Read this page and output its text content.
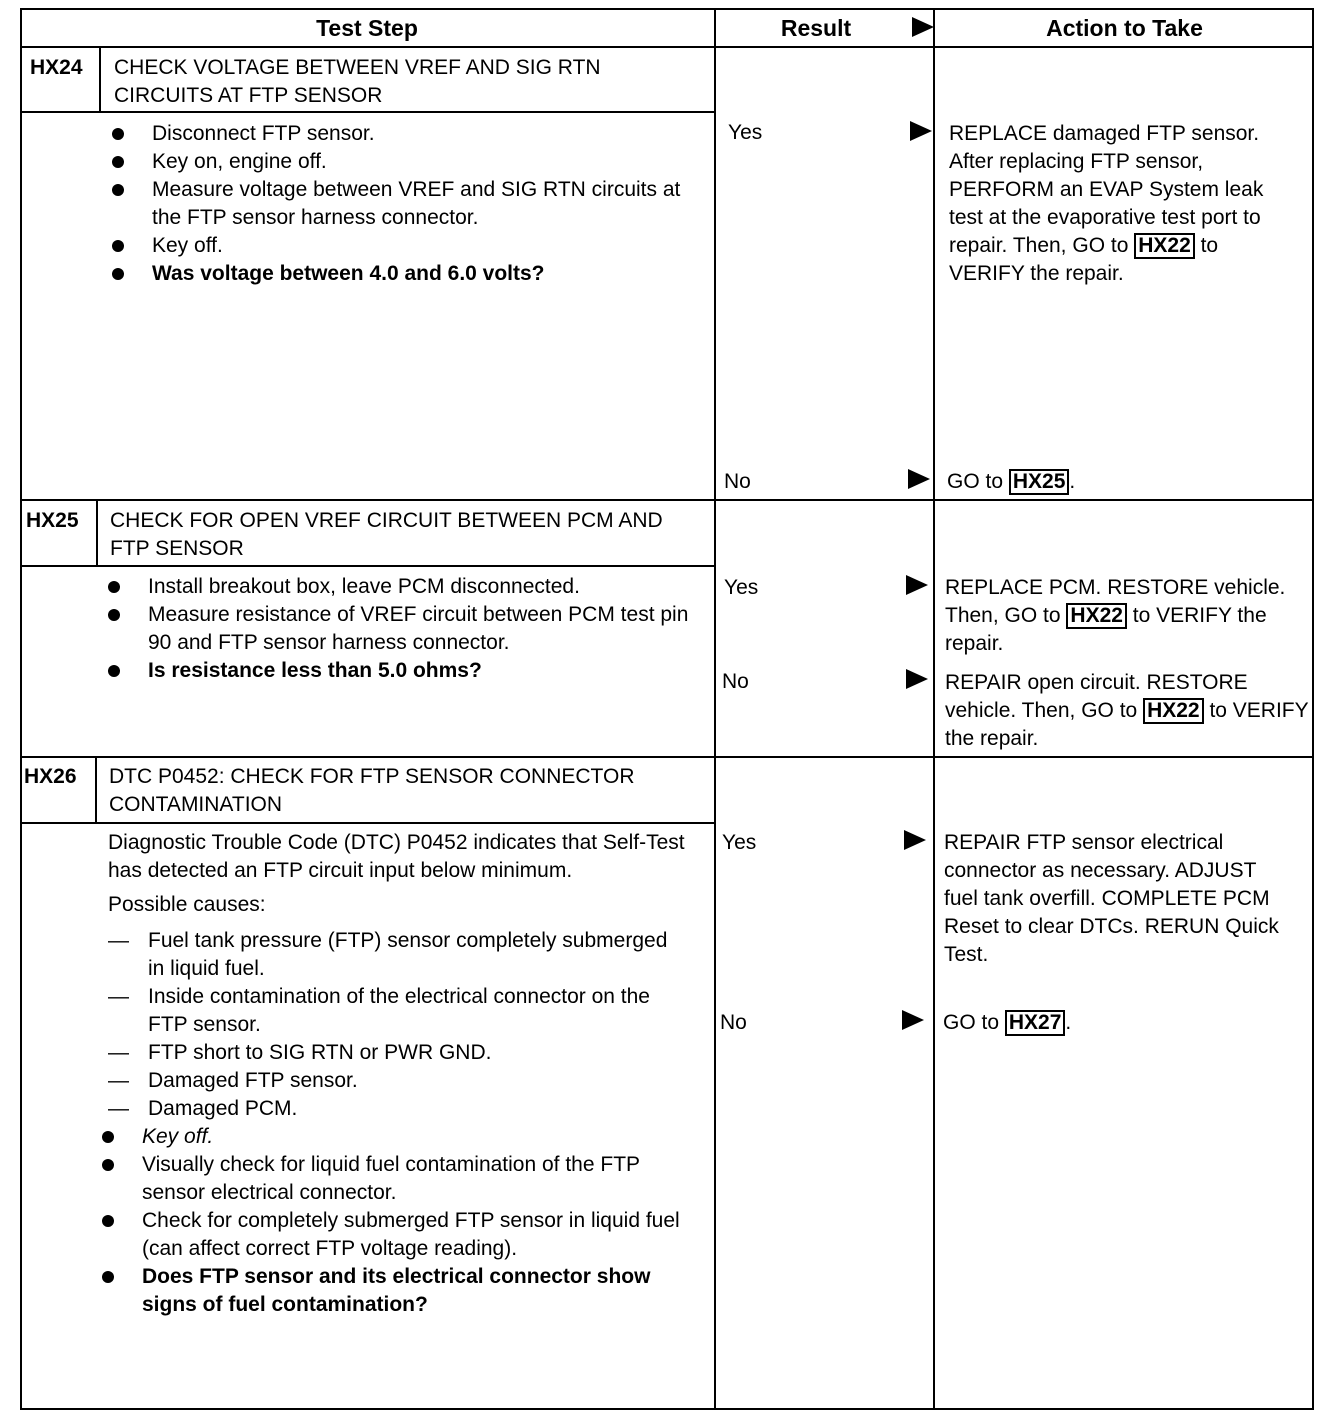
Test Step	Result	Action to Take
HX24 CHECK VOLTAGE BETWEEN VREF AND SIG RTN CIRCUITS AT FTP SENSOR
Disconnect FTP sensor.
Key on, engine off.
Measure voltage between VREF and SIG RTN circuits at the FTP sensor harness connector.
Key off.
Was voltage between 4.0 and 6.0 volts?
Yes	REPLACE damaged FTP sensor. After replacing FTP sensor, PERFORM an EVAP System leak test at the evaporative test port to repair. Then, GO to HX22 to VERIFY the repair.
No	GO to HX25 .
HX25 CHECK FOR OPEN VREF CIRCUIT BETWEEN PCM AND FTP SENSOR
Install breakout box, leave PCM disconnected.
Measure resistance of VREF circuit between PCM test pin 90 and FTP sensor harness connector.
Is resistance less than 5.0 ohms?
Yes	REPLACE PCM. RESTORE vehicle. Then, GO to HX22 to VERIFY the repair.
No	REPAIR open circuit. RESTORE vehicle. Then, GO to HX22 to VERIFY the repair.
HX26 DTC P0452: CHECK FOR FTP SENSOR CONNECTOR CONTAMINATION

Diagnostic Trouble Code (DTC) P0452 indicates that Self-Test has detected an FTP circuit input below minimum.

Possible causes:

— Fuel tank pressure (FTP) sensor completely submerged in liquid fuel.
— Inside contamination of the electrical connector on the FTP sensor.
— FTP short to SIG RTN or PWR GND.
— Damaged FTP sensor.
— Damaged PCM.
Key off.
Visually check for liquid fuel contamination of the FTP sensor electrical connector.
Check for completely submerged FTP sensor in liquid fuel (can affect correct FTP voltage reading).
Does FTP sensor and its electrical connector show signs of fuel contamination?
Yes	REPAIR FTP sensor electrical connector as necessary. ADJUST fuel tank overfill. COMPLETE PCM Reset to clear DTCs. RERUN Quick Test.
No	GO to HX27 .
